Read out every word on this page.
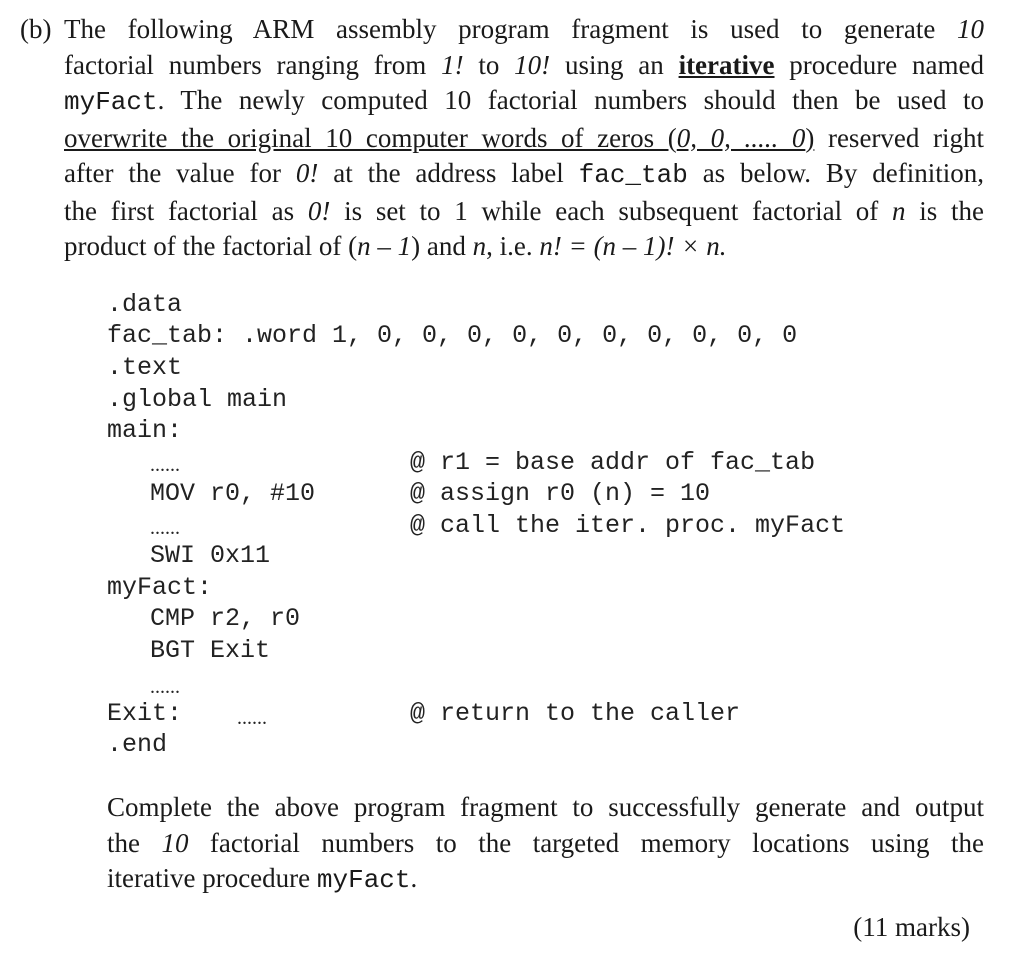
(b) The following ARM assembly program fragment is used to generate 10
factorial numbers ranging from 1! to 10! using an iterative procedure named
myFact. The newly computed 10 factorial numbers should then be used to
overwrite the original 10 computer words of zeros (0, 0, ..... 0) reserved right
after the value for 0! at the address label fac_tab as below. By definition,
the first factorial as 0! is set to 1 while each subsequent factorial of n is the
product of the factorial of (n – 1) and n, i.e. n! = (n – 1)! × n.
.data
fac_tab: .word 1, 0, 0, 0, 0, 0, 0, 0, 0, 0, 0
.text
.global main
main:
......
MOV r0, #10
......
SWI 0x11
myFact:
CMP r2, r0
BGT Exit
......
Exit:	......
.end
@ r1 = base addr of fac_tab
@ assign r0 (n) = 10
@ call the iter. proc. myFact
@ return to the caller
Complete the above program fragment to successfully generate and output
the 10 factorial numbers to the targeted memory locations using the
iterative procedure myFact.
(11 marks)
